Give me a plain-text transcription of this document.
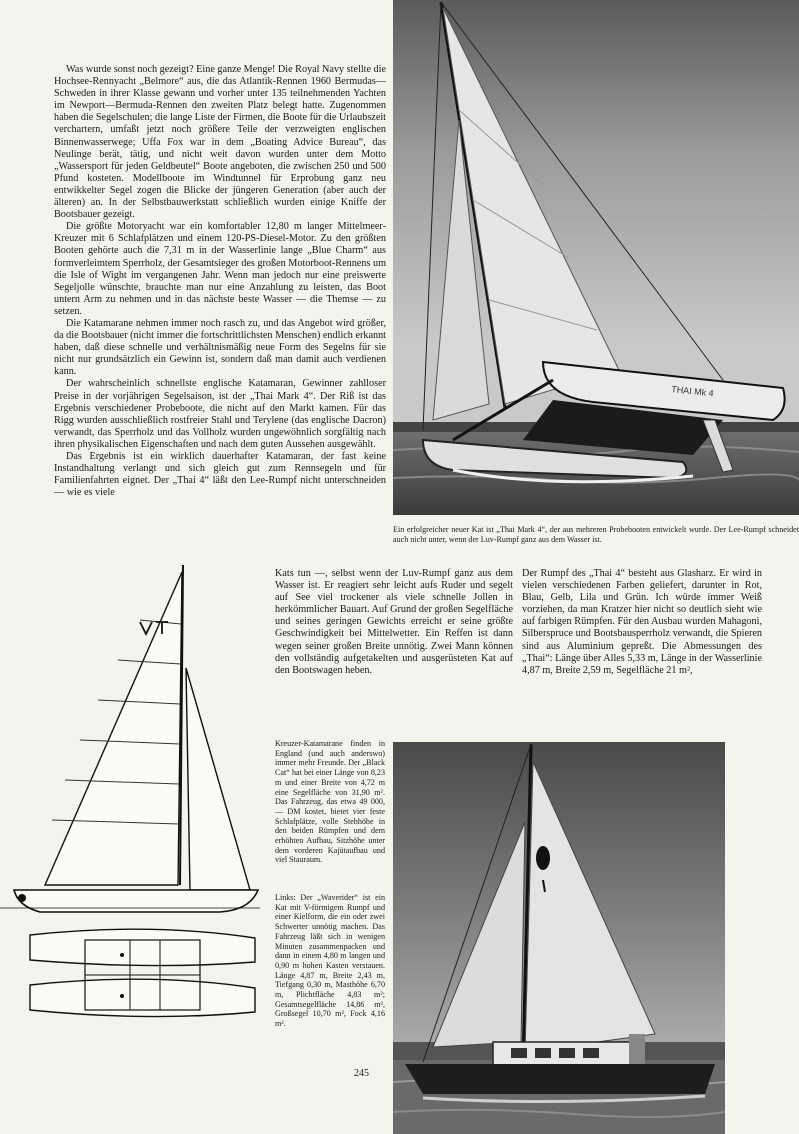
Was wurde sonst noch gezeigt? Eine ganze Menge! Die Royal Navy stellte die Hochsee-Rennyacht „Belmore“ aus, die das Atlantik-Rennen 1960 Bermudas—Schweden in ihrer Klasse gewann und vorher unter 135 teilnehmenden Yachten im Newport—Bermuda-Rennen den zweiten Platz belegt hatte. Zugenommen haben die Segelschulen; die lange Liste der Firmen, die Boote für die Urlaubszeit verchartern, umfaßt jetzt noch größere Teile der verzweigten englischen Binnenwasserwege; Uffa Fox war in dem „Boating Advice Bureau“, das Neulinge berät, tätig, und nicht weit davon wurden unter dem Motto „Wassersport für jeden Geldbeutel“ Boote angeboten, die zwischen 250 und 500 Pfund kosteten. Modellboote im Windtunnel für Erprobung ganz neu entwikkelter Segel zogen die Blicke der jüngeren Generation (aber auch der älteren) an. In der Selbstbauwerkstatt schließlich wurden einige Kniffe der Bootsbauer gezeigt.

Die größte Motoryacht war ein komfortabler 12,80 m langer Mittelmeer-Kreuzer mit 6 Schlafplätzen und einem 120-PS-Diesel-Motor. Zu den größten Booten gehörte auch die 7,31 m in der Wasserlinie lange „Blue Charm“ aus formverleimtem Sperrholz, der Gesamtsieger des großen Motorboot-Rennens um die Isle of Wight im vergangenen Jahr. Wenn man jedoch nur eine preiswerte Segeljolle wünschte, brauchte man nur eine Anzahlung zu leisten, das Boot untern Arm zu nehmen und in das nächste beste Wasser — die Themse — zu setzen.

Die Katamarane nehmen immer noch rasch zu, und das Angebot wird größer, da die Bootsbauer (nicht immer die fortschrittlichsten Menschen) endlich erkannt haben, daß diese schnelle und verhältnismäßig neue Form des Segelns für sie nicht nur grundsätzlich ein Gewinn ist, sondern daß man damit auch verdienen kann.

Der wahrscheinlich schnellste englische Katamaran, Gewinner zahlloser Preise in der vorjährigen Segelsaison, ist der „Thai Mark 4“. Der Riß ist das Ergebnis verschiedener Probeboote, die nicht auf den Markt kamen. Für das Rigg wurden ausschließlich rostfreier Stahl und Terylene (das englische Dacron) verwandt, das Sperrholz und das Vollholz wurden ungewöhnlich sorgfältig nach ihren physikalischen Eigenschaften und nach dem guten Aussehen ausgewählt.

Das Ergebnis ist ein wirklich dauerhafter Katamaran, der fast keine Instandhaltung verlangt und sich gleich gut zum Rennsegeln und für Familienfahrten eignet. Der „Thai 4“ läßt den Lee-Rumpf nicht unterschneiden — wie es viele

THAI Mk 4
Ein erfolgreicher neuer Kat ist „Thai Mark 4“, der aus mehreren Probebooten entwickelt wurde. Der Lee-Rumpf schneidet auch nicht unter, wenn der Luv-Rumpf ganz aus dem Wasser ist.

Kats tun —, selbst wenn der Luv-Rumpf ganz aus dem Wasser ist. Er reagiert sehr leicht aufs Ruder und segelt auf See viel trockener als viele schnelle Jollen in herkömmlicher Bauart. Auf Grund der großen Segelfläche und seines geringen Gewichts erreicht er seine größte Geschwindigkeit bei Mittelwetter. Ein Reffen ist dann wegen seiner großen Breite unnötig. Zwei Mann können den vollständig aufgetakelten und ausgerüsteten Kat auf den Bootswagen heben.

Der Rumpf des „Thai 4“ besteht aus Glasharz. Er wird in vielen verschiedenen Farben geliefert, darunter in Rot, Blau, Gelb, Lila und Grün. Ich würde immer Weiß vorziehen, da man Kratzer hier nicht so deutlich sieht wie auf farbigen Rümpfen. Für den Ausbau wurden Mahagoni, Silberspruce und Bootsbausperrholz verwandt, die Spieren sind aus Aluminium gepreßt. Die Abmessungen des „Thai“: Länge über Alles 5,33 m, Länge in der Wasserlinie 4,87 m, Breite 2,59 m, Segelfläche 21 m²,

Kreuzer-Katamarane finden in England (und auch anderswo) immer mehr Freunde. Der „Black Cat“ hat bei einer Länge von 8,23 m und einer Breite von 4,72 m eine Segelfläche von 31,90 m². Das Fahrzeug, das etwa 49 000,— DM kostet, bietet vier feste Schlafplätze, volle Stehhöhe in den beiden Rümpfen und dem erhöhten Aufbau, Sitzhöhe unter dem vorderen Kajütaufbau und viel Stauraum.
Links: Der „Waverider“ ist ein Kat mit V-förmigem Rumpf und einer Kielform, die ein oder zwei Schwerter unnötig machen. Das Fahrzeug läßt sich in wenigen Minuten zusammenpacken und dann in einem 4,80 m langen und 0,90 m hohen Kasten verstauen. Länge 4,87 m, Breite 2,43 m, Tiefgang 0,30 m, Masthöhe 6,70 m, Plichtfläche 4,83 m²; Gesamtsegelfläche 14,86 m², Großsegel 10,70 m², Fock 4,16 m².
245
